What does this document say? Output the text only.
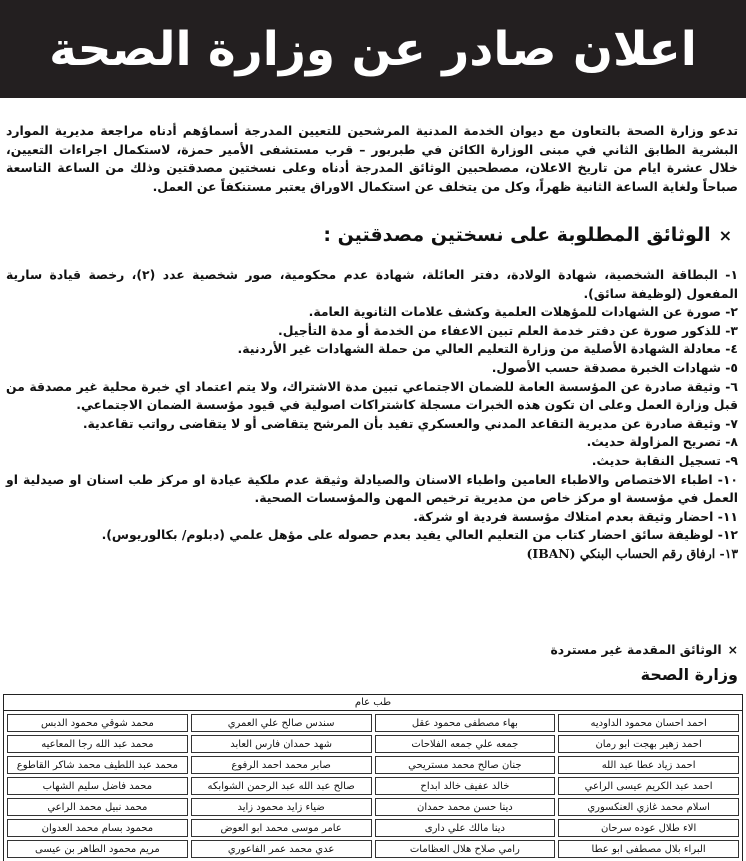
اعلان صادر عن وزارة الصحة

تدعو وزارة الصحة بالتعاون مع ديوان الخدمة المدنية المرشحين للتعيين المدرجة أسماؤهم أدناه مراجعة مديرية الموارد البشرية الطابق الثاني في مبنى الوزارة الكائن في طبربور – قرب مستشفى الأمير حمزة، لاستكمال اجراءات التعيين، خلال عشرة ايام من تاريخ الاعلان، مصطحبين الوثائق المدرجة أدناه وعلى نسختين مصدقتين وذلك من الساعة التاسعة صباحاً ولغاية الساعة الثانية ظهراً، وكل من يتخلف عن استكمال الاوراق يعتبر مستنكفاً عن العمل.

×
الوثائق المطلوبة على نسختين مصدقتين :
١- البطاقة الشخصية، شهادة الولادة، دفتر العائلة، شهادة عدم محكومية، صور شخصية عدد (٢)، رخصة قيادة سارية المفعول (لوظيفة سائق).
٢- صورة عن الشهادات للمؤهلات العلمية وكشف علامات الثانوية العامة.
٣- للذكور صورة عن دفتر خدمة العلم تبين الاعفاء من الخدمة أو مدة التأجيل.
٤- معادلة الشهادة الأصلية من وزارة التعليم العالي من حملة الشهادات غير الأردنية.
٥- شهادات الخبرة مصدقة حسب الأصول.
٦- وثيقة صادرة عن المؤسسة العامة للضمان الاجتماعي تبين مدة الاشتراك، ولا يتم اعتماد اي خبرة محلية غير مصدقة من قبل وزارة العمل وعلى ان تكون هذه الخبرات مسجلة كاشتراكات اصولية في قيود مؤسسة الضمان الاجتماعي.
٧- وثيقة صادرة عن مديرية التقاعد المدني والعسكري تفيد بأن المرشح يتقاضى أو لا يتقاضى رواتب تقاعدية.
٨- تصريح المزاولة حديث.
٩- تسجيل النقابة حديث.
١٠- اطباء الاختصاص والاطباء العامين واطباء الاسنان والصيادلة وثيقة عدم ملكية عيادة او مركز طب اسنان او صيدلية او العمل في مؤسسة او مركز خاص من مديرية ترخيص المهن والمؤسسات الصحية.
١١- احضار وثيقة بعدم امتلاك مؤسسة فردية او شركة.
١٢- لوظيفة سائق احضار كتاب من التعليم العالي يفيد بعدم حصوله على مؤهل علمي (دبلوم/ بكالوريوس).
١٣- ارفاق رقم الحساب البنكي (IBAN)
×
الوثائق المقدمة غير مستردة
وزارة الصحة
طب عام
احمد احسان محمود الداوديه	بهاء مصطفى محمود عقل	سندس صالح علي العمري	محمد شوقي محمود الدبس
احمد زهير بهجت ابو رمان	جمعه علي جمعه الفلاحات	شهد حمدان فارس العابد	محمد عبد الله رجا المعاعيه
احمد زياد عطا عبد الله	جنان صالح محمد مستريحي	صابر محمد احمد الرفوع	محمد عبد اللطيف محمد شاكر القاطوع
احمد عبد الكريم عيسى الراعي	خالد عفيف خالد ابداح	صالح عبد الله عبد الرحمن الشوابكه	محمد فاضل سليم الشهاب
اسلام محمد غازي العنكسوري	دينا حسن محمد حمدان	ضياء زايد محمود زايد	محمد نبيل محمد الراعي
الاء طلال عوده سرحان	دينا مالك علي دارى	عامر موسى محمد ابو العوض	محمود بسام محمد العدوان
البراء بلال مصطفى ابو عطا	رامي صلاح هلال العظامات	عدي محمد عمر الفاعوري	مريم محمود الطاهر بن عيسى
